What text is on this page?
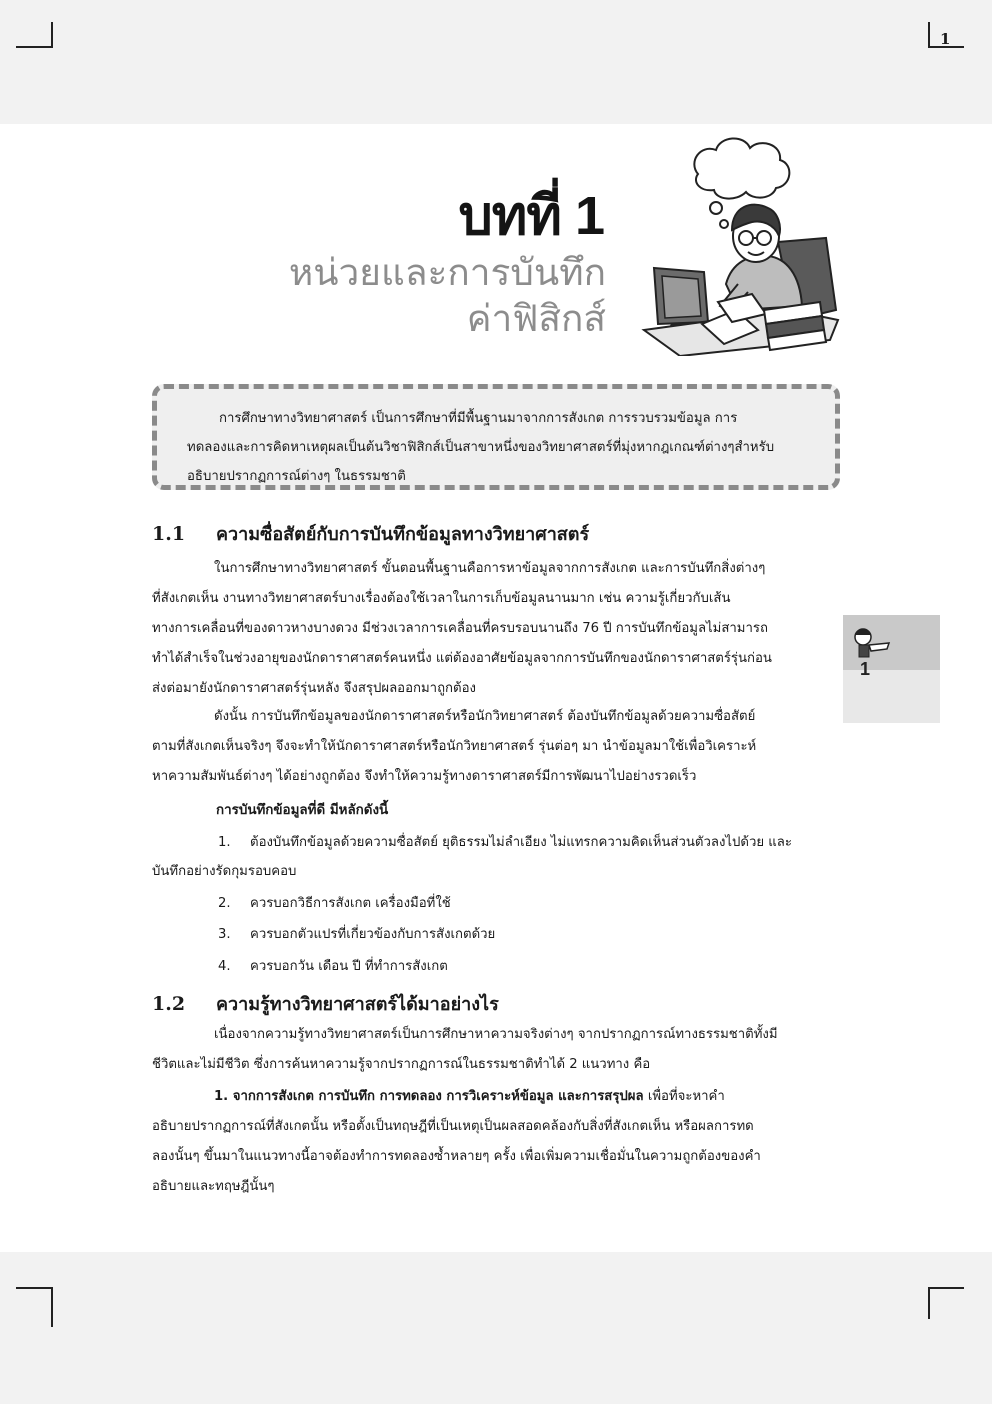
1
บทที่ 1
หน่วยและการบันทึก
ค่าฟิสิกส์
การศึกษาทางวิทยาศาสตร์ เป็นการศึกษาที่มีพื้นฐานมาจากการสังเกต การรวบรวมข้อมูล การ
ทดลองและการคิดหาเหตุผลเป็นต้นวิชาฟิสิกส์เป็นสาขาหนึ่งของวิทยาศาสตร์ที่มุ่งหากฎเกณฑ์ต่างๆสำหรับ
อธิบายปรากฏการณ์ต่างๆ ในธรรมชาติ
1.1 ความซื่อสัตย์กับการบันทึกข้อมูลทางวิทยาศาสตร์
ในการศึกษาทางวิทยาศาสตร์ ขั้นตอนพื้นฐานคือการหาข้อมูลจากการสังเกต และการบันทึกสิ่งต่างๆ
ที่สังเกตเห็น งานทางวิทยาศาสตร์บางเรื่องต้องใช้เวลาในการเก็บข้อมูลนานมาก เช่น ความรู้เกี่ยวกับเส้น
ทางการเคลื่อนที่ของดาวหางบางดวง มีช่วงเวลาการเคลื่อนที่ครบรอบนานถึง 76 ปี การบันทึกข้อมูลไม่สามารถ
ทำได้สำเร็จในช่วงอายุของนักดาราศาสตร์คนหนึ่ง แต่ต้องอาศัยข้อมูลจากการบันทึกของนักดาราศาสตร์รุ่นก่อน
ส่งต่อมายังนักดาราศาสตร์รุ่นหลัง จึงสรุปผลออกมาถูกต้อง
ดังนั้น การบันทึกข้อมูลของนักดาราศาสตร์หรือนักวิทยาศาสตร์ ต้องบันทึกข้อมูลด้วยความซื่อสัตย์
ตามที่สังเกตเห็นจริงๆ จึงจะทำให้นักดาราศาสตร์หรือนักวิทยาศาสตร์ รุ่นต่อๆ มา นำข้อมูลมาใช้เพื่อวิเคราะห์
หาความสัมพันธ์ต่างๆ ได้อย่างถูกต้อง จึงทำให้ความรู้ทางดาราศาสตร์มีการพัฒนาไปอย่างรวดเร็ว
การบันทึกข้อมูลที่ดี มีหลักดังนี้
1. ต้องบันทึกข้อมูลด้วยความซื่อสัตย์ ยุติธรรมไม่ลำเอียง ไม่แทรกความคิดเห็นส่วนตัวลงไปด้วย และ
บันทึกอย่างรัดกุมรอบคอบ
2. ควรบอกวิธีการสังเกต เครื่องมือที่ใช้
3. ควรบอกตัวแปรที่เกี่ยวข้องกับการสังเกตด้วย
4. ควรบอกวัน เดือน ปี ที่ทำการสังเกต
1.2 ความรู้ทางวิทยาศาสตร์ได้มาอย่างไร
เนื่องจากความรู้ทางวิทยาศาสตร์เป็นการศึกษาหาความจริงต่างๆ จากปรากฏการณ์ทางธรรมชาติทั้งมี
ชีวิตและไม่มีชีวิต ซึ่งการค้นหาความรู้จากปรากฏการณ์ในธรรมชาติทำได้ 2 แนวทาง คือ
1. จากการสังเกต การบันทึก การทดลอง การวิเคราะห์ข้อมูล และการสรุปผล เพื่อที่จะหาคำ
อธิบายปรากฏการณ์ที่สังเกตนั้น หรือตั้งเป็นทฤษฎีที่เป็นเหตุเป็นผลสอดคล้องกับสิ่งที่สังเกตเห็น หรือผลการทด
ลองนั้นๆ ขึ้นมาในแนวทางนี้อาจต้องทำการทดลองซ้ำหลายๆ ครั้ง เพื่อเพิ่มความเชื่อมั่นในความถูกต้องของคำ
อธิบายและทฤษฎีนั้นๆ
1
